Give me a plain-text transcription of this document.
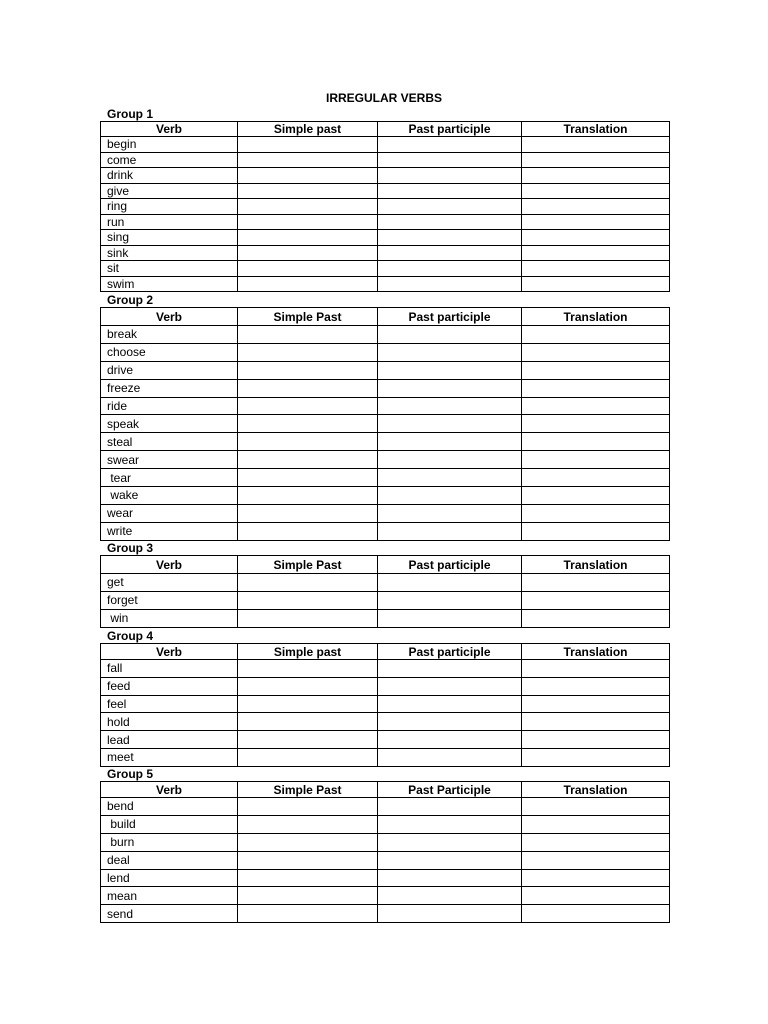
IRREGULAR VERBS
Group 1
Verb	Simple past	Past participle	Translation
begin			
come			
drink			
give			
ring			
run			
sing			
sink			
sit			
swim			
Group 2
Verb	Simple Past	Past participle	Translation
break			
choose			
drive			
freeze			
ride			
speak			
steal			
swear			
tear			
wake			
wear			
write			
Group 3
Verb	Simple Past	Past participle	Translation
get			
forget			
win			
Group 4
Verb	Simple past	Past participle	Translation
fall			
feed			
feel			
hold			
lead			
meet			
Group 5
Verb	Simple Past	Past Participle	Translation
bend			
build			
burn			
deal			
lend			
mean			
send			
